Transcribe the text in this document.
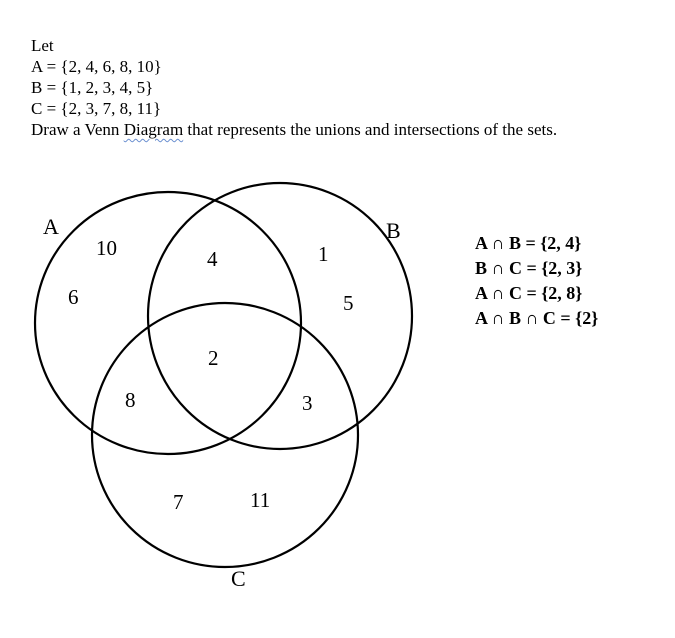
Let
A = {2, 4, 6, 8, 10}
B = {1, 2, 3, 4, 5}
C = {2, 3, 7, 8, 11}
Draw a Venn Diagram that represents the unions and intersections of the sets.
A	B
C
10
6
4	1
5
2
8	3
7	11
A ∩ B = {2, 4}
B ∩ C = {2, 3}
A ∩ C = {2, 8}
A ∩ B ∩ C = {2}
